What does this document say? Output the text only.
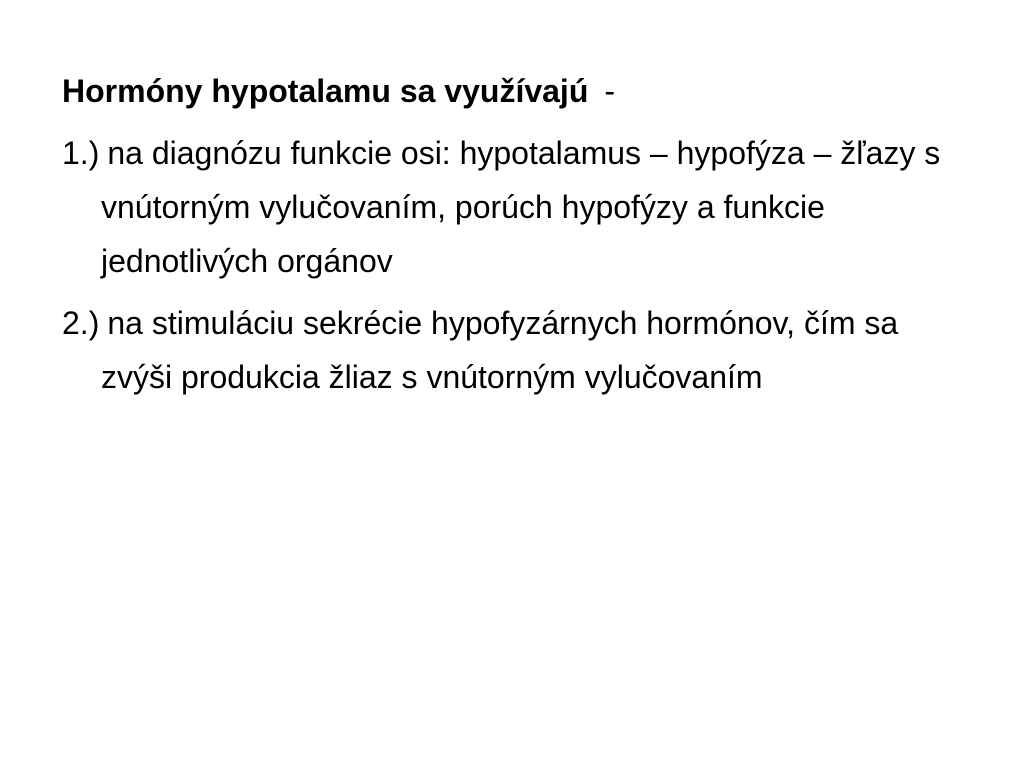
Hormóny hypotalamu sa využívajú -

1.) na diagnózu funkcie osi: hypotalamus – hypofýza – žľazy s vnútorným vylučovaním, porúch hypofýzy a funkcie jednotlivých orgánov

2.) na stimuláciu sekrécie hypofyzárnych hormónov, čím sa zvýši produkcia žliaz s vnútorným vylučovaním
